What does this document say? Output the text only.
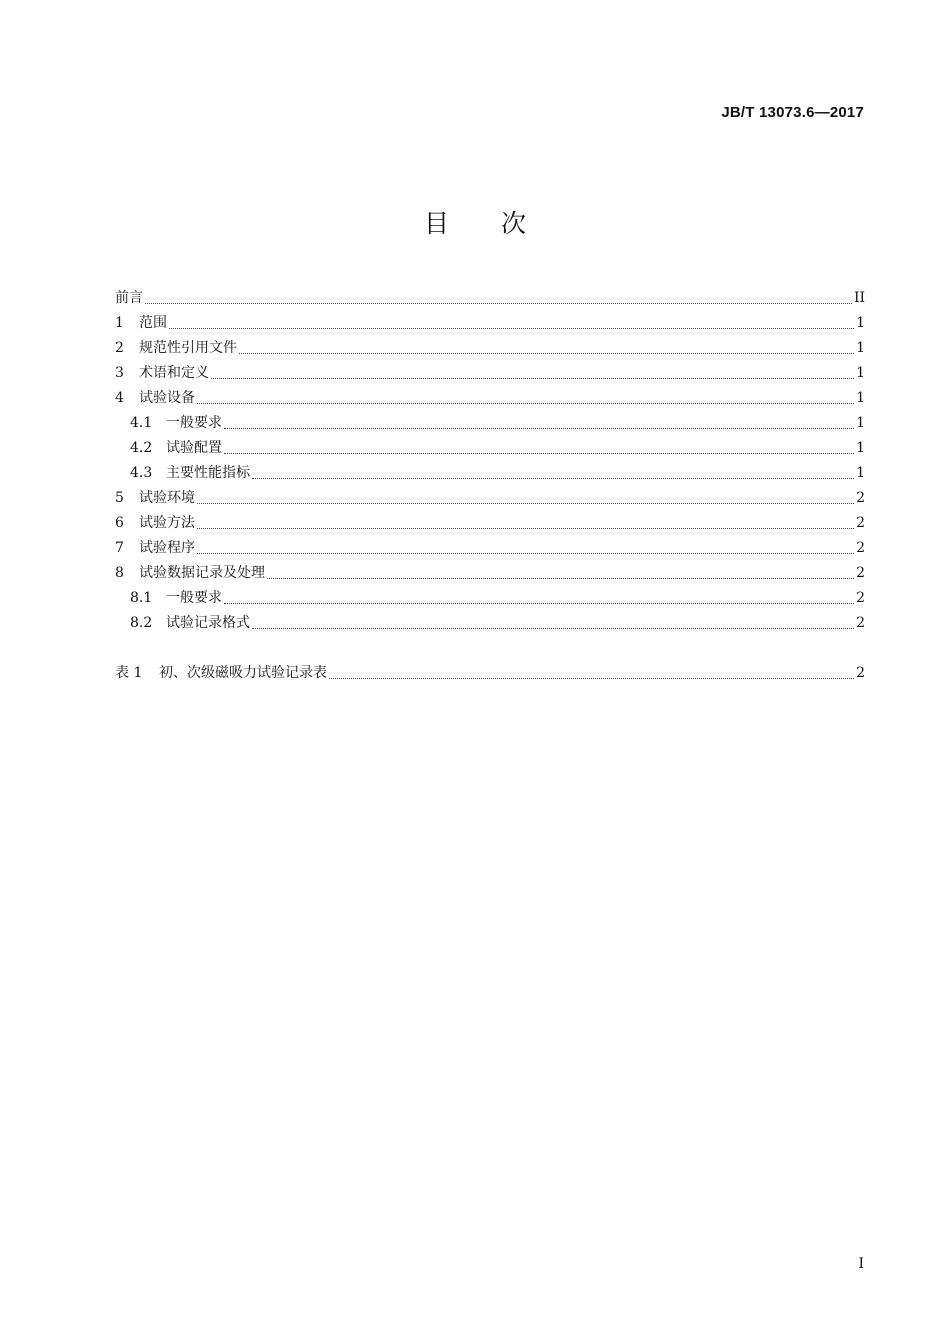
JB/T 13073.6—2017
目 次
前言	II
1	范围	1
2	规范性引用文件	1
3	术语和定义	1
4	试验设备	1
4.1 一般要求	1
4.2 试验配置	1
4.3 主要性能指标	1
5	试验环境	2
6	试验方法	2
7	试验程序	2
8	试验数据记录及处理	2
8.1 一般要求	2
8.2 试验记录格式	2
表 1	初、次级磁吸力试验记录表	2
I
